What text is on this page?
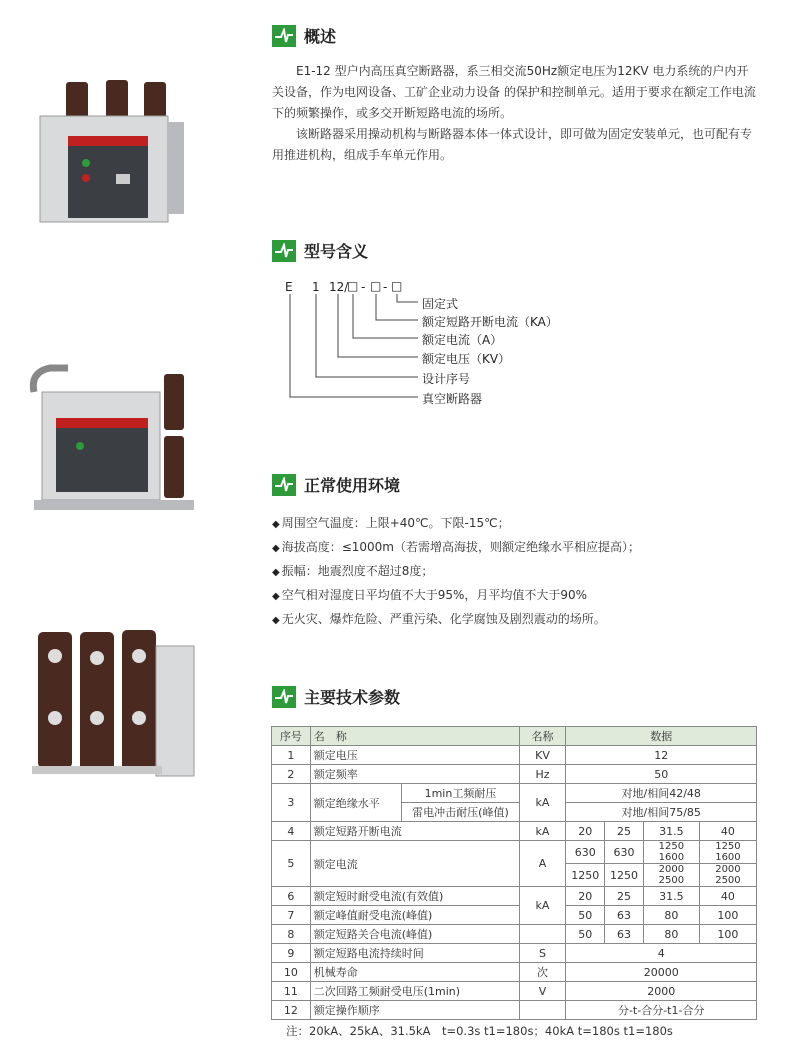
概述

E1-12 型户内高压真空断路器，系三相交流50Hz额定电压为12KV 电力系统的户内开关设备，作为电网设备、工矿企业动力设备 的保护和控制单元。适用于要求在额定工作电流下的频繁操作，或多交开断短路电流的场所。

该断路器采用操动机构与断路器本体一体式设计，即可做为固定安装单元，也可配有专用推进机构，组成手车单元作用。

型号含义
E 1 12/
□ - □ - □
固定式
额定短路开断电流（KA）
额定电流（A）
额定电压（KV）
设计序号
真空断路器
正常使用环境
◆ 周围空气温度：上限+40℃。下限-15℃；
◆ 海拔高度：≤1000m（若需增高海拔，则额定绝缘水平相应提高）；
◆ 振幅：地震烈度不超过8度；
◆ 空气相对湿度日平均值不大于95%，月平均值不大于90%
◆ 无火灾、爆炸危险、严重污染、化学腐蚀及剧烈震动的场所。
主要技术参数
序号	名　称		名称	数据			
1	额定电压		KV	12			
2	额定频率		Hz	50			
3	额定绝缘水平	1min工频耐压	kA	对地/相间42/48			
		雷电冲击耐压(峰值)		对地/相间75/85			
4	额定短路开断电流		kA	20	25	31.5	40
5	额定电流		A	630	630	1250 1600	1250 1600
				1250	1250	2000 2500	2000 2500
6	额定短时耐受电流(有效值)		kA	20	25	31.5	40
7	额定峰值耐受电流(峰值)			50	63	80	100
8	额定短路关合电流(峰值)			50	63	80	100
9	额定短路电流持续时间		S	4			
10	机械寿命		次	20000			
11	二次回路工频耐受电压(1min)		V	2000			
12	额定操作顺序			分-t-合分-t1-合分			
注：20kA、25kA、31.5kA　t=0.3s t1=180s；40kA t=180s t1=180s
